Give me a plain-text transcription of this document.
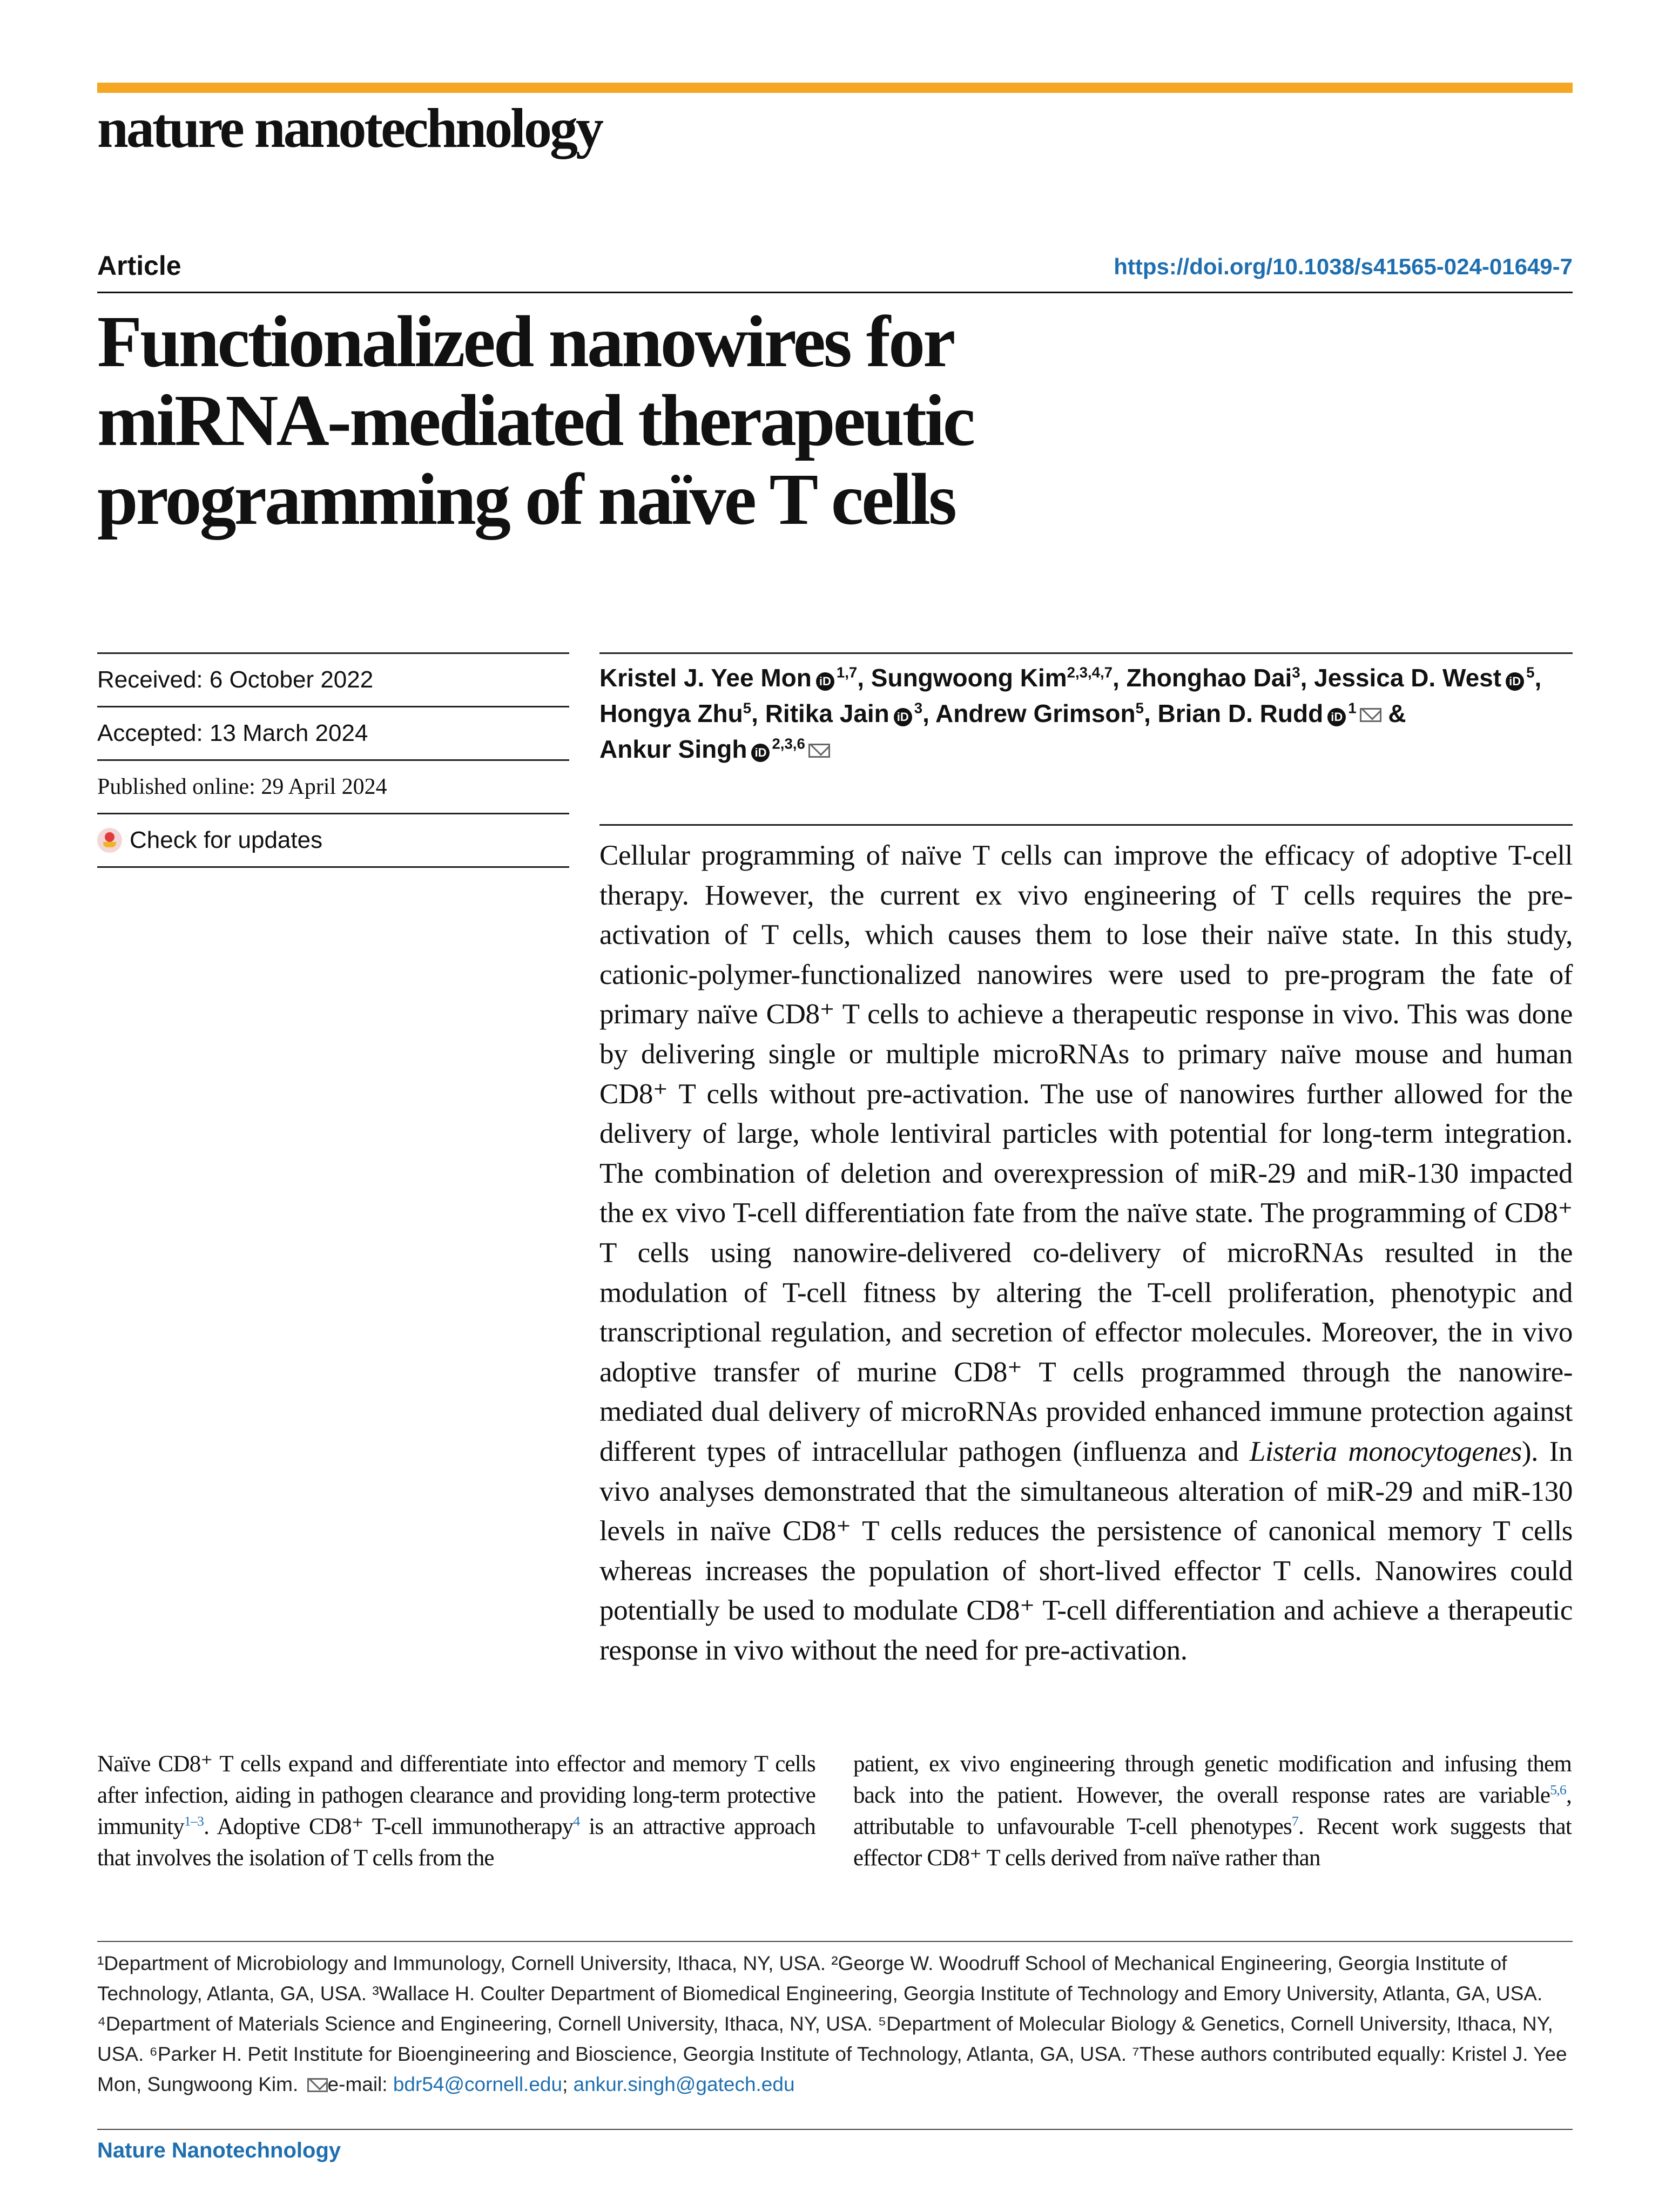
nature nanotechnology
Article	https://doi.org/10.1038/s41565-024-01649-7
Functionalized nanowires for miRNA-mediated therapeutic programming of naïve T cells
Received: 6 October 2022
Accepted: 13 March 2024
Published online: 29 April 2024
Check for updates
Kristel J. Yee Mon iD$^{1,7}$, Sungwoong Kim$^{2,3,4,7}$, Zhonghao Dai$^3$, Jessica D. West $iD^5$, Hongya Zhu$^5$, Ritika Jain $iD^3$, Andrew Grimson$^5$, Brian D. Rudd $iD^1$ &
Ankur Singh iD$^{2,3,6}$

Cellular programming of naïve T cells can improve the efficacy of adoptive T-cell therapy. However, the current ex vivo engineering of T cells requires the pre-activation of T cells, which causes them to lose their naïve state. In this study, cationic-polymer-functionalized nanowires were used to pre-program the fate of primary naïve CD8⁺ T cells to achieve a therapeutic response in vivo. This was done by delivering single or multiple microRNAs to primary naïve mouse and human CD8⁺ T cells without pre-activation. The use of nanowires further allowed for the delivery of large, whole lentiviral particles with potential for long-term integration. The combination of deletion and overexpression of miR-29 and miR-130 impacted the ex vivo T-cell differentiation fate from the naïve state. The programming of CD8⁺ T cells using nanowire-delivered co-delivery of microRNAs resulted in the modulation of T-cell fitness by altering the T-cell proliferation, phenotypic and transcriptional regulation, and secretion of effector molecules. Moreover, the in vivo adoptive transfer of murine CD8⁺ T cells programmed through the nanowire-mediated dual delivery of microRNAs provided enhanced immune protection against different types of intracellular pathogen (influenza and Listeria monocytogenes). In vivo analyses demonstrated that the simultaneous alteration of miR-29 and miR-130 levels in naïve CD8⁺ T cells reduces the persistence of canonical memory T cells whereas increases the population of short-lived effector T cells. Nanowires could potentially be used to modulate CD8⁺ T-cell differentiation and achieve a therapeutic response in vivo without the need for pre-activation.

Naïve CD8⁺ T cells expand and differentiate into effector and memory T cells after infection, aiding in pathogen clearance and providing long-term protective immunity$^{1-3}$. Adoptive CD8⁺ T-cell immunotherapy$^4$ is an attractive approach that involves the isolation of T cells from the

patient, ex vivo engineering through genetic modification and infusing them back into the patient. However, the overall response rates are variable$^{5,6}$, attributable to unfavourable T-cell phenotypes$^7$. Recent work suggests that effector CD8⁺ T cells derived from naïve rather than

¹Department of Microbiology and Immunology, Cornell University, Ithaca, NY, USA. ²George W. Woodruff School of Mechanical Engineering, Georgia Institute of Technology, Atlanta, GA, USA. ³Wallace H. Coulter Department of Biomedical Engineering, Georgia Institute of Technology and Emory University, Atlanta, GA, USA. ⁴Department of Materials Science and Engineering, Cornell University, Ithaca, NY, USA. ⁵Department of Molecular Biology & Genetics, Cornell University, Ithaca, NY, USA. ⁶Parker H. Petit Institute for Bioengineering and Bioscience, Georgia Institute of Technology, Atlanta, GA, USA. ⁷These authors contributed equally: Kristel J. Yee Mon, Sungwoong Kim. e-mail: bdr54@cornell.edu; ankur.singh@gatech.edu

Nature Nanotechnology
